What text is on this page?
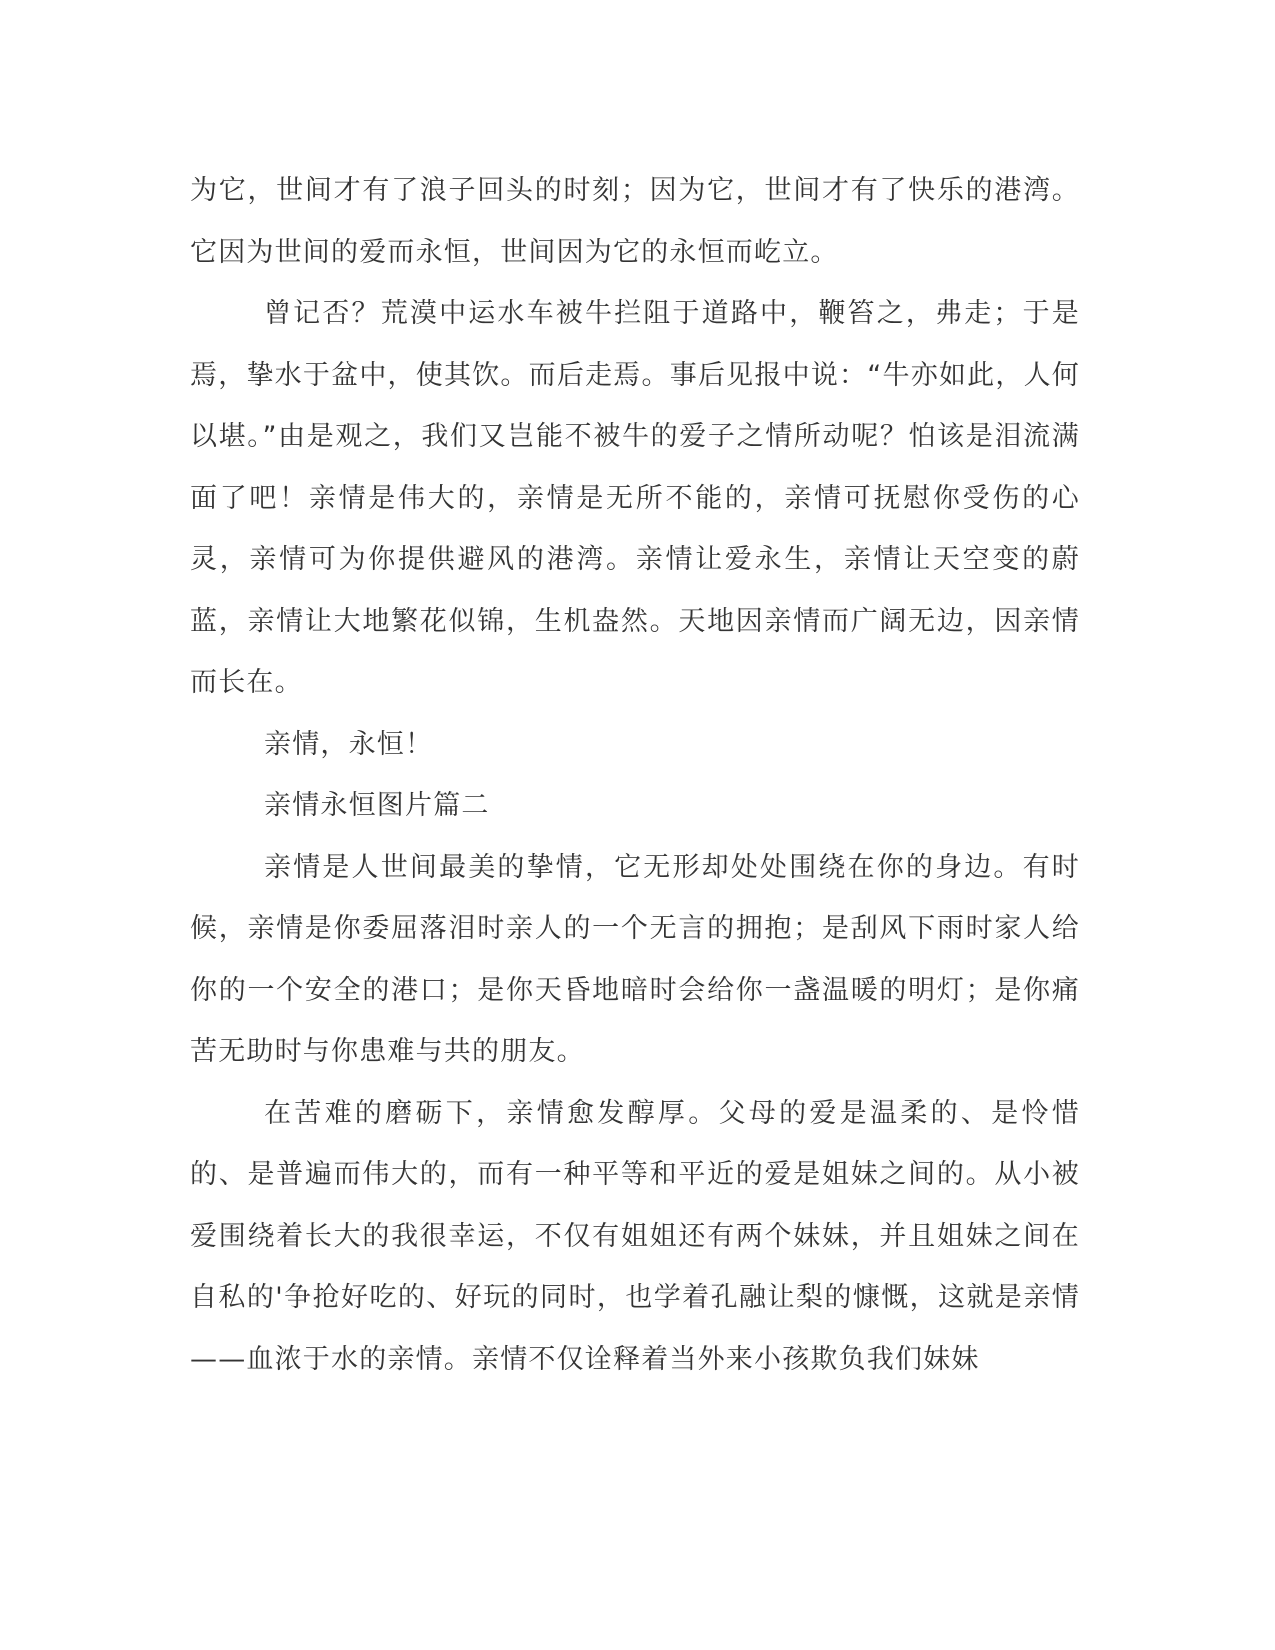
为它，世间才有了浪子回头的时刻；因为它，世间才有了快乐的港湾。它因为世间的爱而永恒，世间因为它的永恒而屹立。

曾记否？荒漠中运水车被牛拦阻于道路中，鞭笞之，弗走；于是焉，挚水于盆中，使其饮。而后走焉。事后见报中说：“牛亦如此，人何以堪。”由是观之，我们又岂能不被牛的爱子之情所动呢？怕该是泪流满面了吧！亲情是伟大的，亲情是无所不能的，亲情可抚慰你受伤的心灵，亲情可为你提供避风的港湾。亲情让爱永生，亲情让天空变的蔚蓝，亲情让大地繁花似锦，生机盎然。天地因亲情而广阔无边，因亲情而长在。

亲情，永恒！

亲情永恒图片篇二

亲情是人世间最美的挚情，它无形却处处围绕在你的身边。有时候，亲情是你委屈落泪时亲人的一个无言的拥抱；是刮风下雨时家人给你的一个安全的港口；是你天昏地暗时会给你一盏温暖的明灯；是你痛苦无助时与你患难与共的朋友。

在苦难的磨砺下，亲情愈发醇厚。父母的爱是温柔的、是怜惜的、是普遍而伟大的，而有一种平等和平近的爱是姐妹之间的。从小被爱围绕着长大的我很幸运，不仅有姐姐还有两个妹妹，并且姐妹之间在自私的'争抢好吃的、好玩的同时，也学着孔融让梨的慷慨，这就是亲情——血浓于水的亲情。亲情不仅诠释着当外来小孩欺负我们妹妹
